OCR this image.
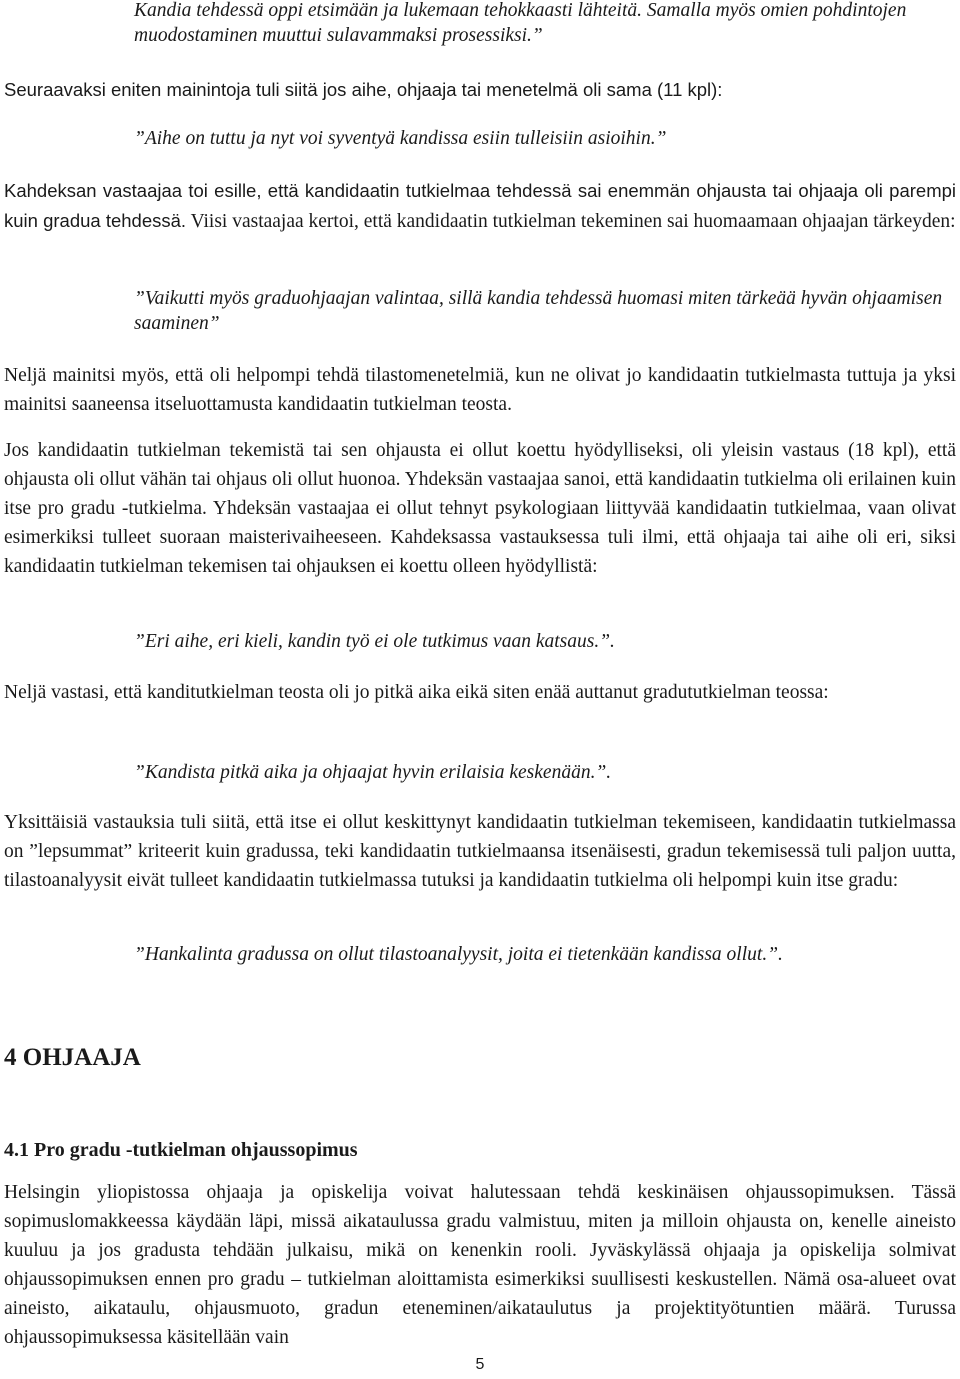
Kandia tehdessä oppi etsimään ja lukemaan tehokkaasti lähteitä. Samalla myös omien pohdintojen muodostaminen muuttui sulavammaksi prosessiksi.”

Seuraavaksi eniten mainintoja tuli siitä jos aihe, ohjaaja tai menetelmä oli sama (11 kpl):

”Aihe on tuttu ja nyt voi syventyä kandissa esiin tulleisiin asioihin.”

Kahdeksan vastaajaa toi esille, että kandidaatin tutkielmaa tehdessä sai enemmän ohjausta tai ohjaaja oli parempi kuin gradua tehdessä. Viisi vastaajaa kertoi, että kandidaatin tutkielman tekeminen sai huomaamaan ohjaajan tärkeyden:

”Vaikutti myös graduohjaajan valintaa, sillä kandia tehdessä huomasi miten tärkeää hyvän ohjaamisen saaminen”

Neljä mainitsi myös, että oli helpompi tehdä tilastomenetelmiä, kun ne olivat jo kandidaatin tutkielmasta tuttuja ja yksi mainitsi saaneensa itseluottamusta kandidaatin tutkielman teosta.

Jos kandidaatin tutkielman tekemistä tai sen ohjausta ei ollut koettu hyödylliseksi, oli yleisin vastaus (18 kpl), että ohjausta oli ollut vähän tai ohjaus oli ollut huonoa. Yhdeksän vastaajaa sanoi, että kandidaatin tutkielma oli erilainen kuin itse pro gradu -tutkielma. Yhdeksän vastaajaa ei ollut tehnyt psykologiaan liittyvää kandidaatin tutkielmaa, vaan olivat esimerkiksi tulleet suoraan maisterivaiheeseen. Kahdeksassa vastauksessa tuli ilmi, että ohjaaja tai aihe oli eri, siksi kandidaatin tutkielman tekemisen tai ohjauksen ei koettu olleen hyödyllistä:

”Eri aihe, eri kieli, kandin työ ei ole tutkimus vaan katsaus.”.

Neljä vastasi, että kanditutkielman teosta oli jo pitkä aika eikä siten enää auttanut gradututkielman teossa:

”Kandista pitkä aika ja ohjaajat hyvin erilaisia keskenään.”.

Yksittäisiä vastauksia tuli siitä, että itse ei ollut keskittynyt kandidaatin tutkielman tekemiseen, kandidaatin tutkielmassa on ”lepsummat” kriteerit kuin gradussa, teki kandidaatin tutkielmaansa itsenäisesti, gradun tekemisessä tuli paljon uutta, tilastoanalyysit eivät tulleet kandidaatin tutkielmassa tutuksi ja kandidaatin tutkielma oli helpompi kuin itse gradu:

”Hankalinta gradussa on ollut tilastoanalyysit, joita ei tietenkään kandissa ollut.”.

4 OHJAAJA
4.1 Pro gradu -tutkielman ohjaussopimus

Helsingin yliopistossa ohjaaja ja opiskelija voivat halutessaan tehdä keskinäisen ohjaussopimuksen. Tässä sopimuslomakkeessa käydään läpi, missä aikataulussa gradu valmistuu, miten ja milloin ohjausta on, kenelle aineisto kuuluu ja jos gradusta tehdään julkaisu, mikä on kenenkin rooli. Jyväskylässä ohjaaja ja opiskelija solmivat ohjaussopimuksen ennen pro gradu – tutkielman aloittamista esimerkiksi suullisesti keskustellen. Nämä osa-alueet ovat aineisto, aikataulu, ohjausmuoto, gradun eteneminen/aikataulutus ja projektityötuntien määrä. Turussa ohjaussopimuksessa käsitellään vain

5
